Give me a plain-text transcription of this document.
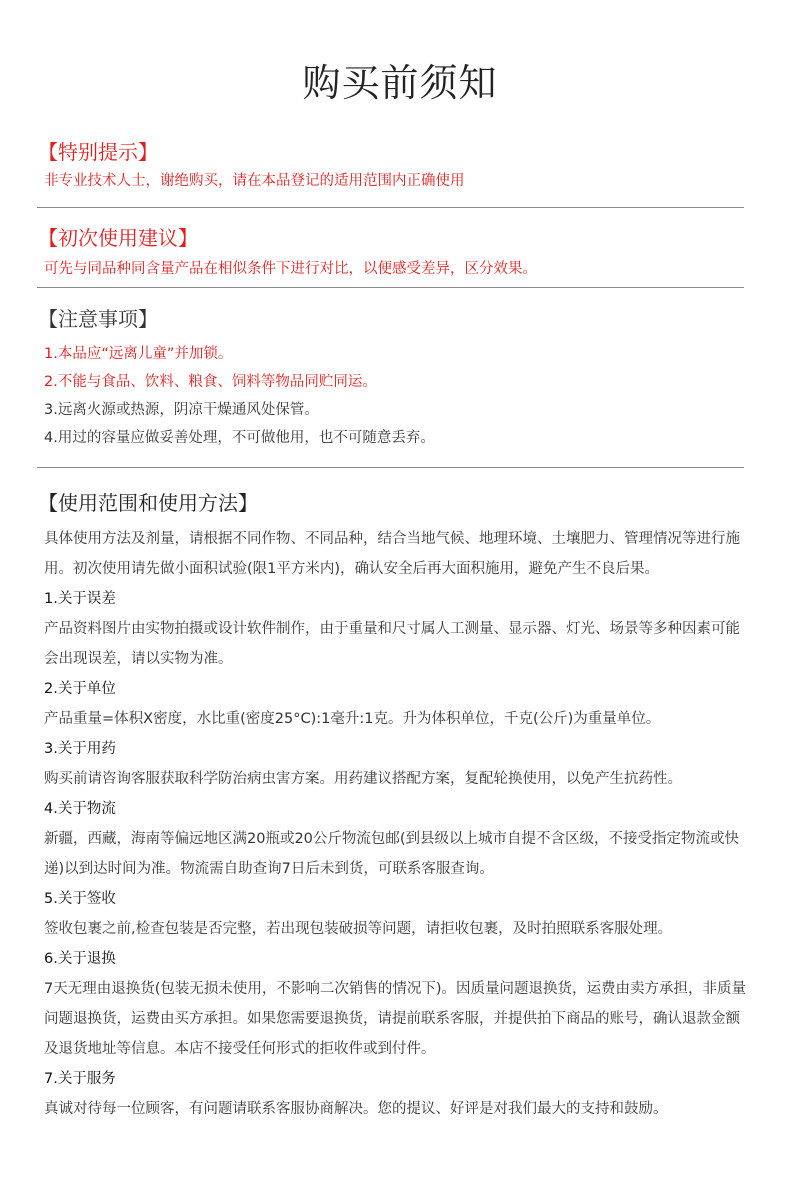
购买前须知
【特别提示】
非专业技术人士，谢绝购买，请在本品登记的适用范围内正确使用
【初次使用建议】
可先与同品种同含量产品在相似条件下进行对比，以便感受差异，区分效果。
【注意事项】
1.本品应“远离儿童”并加锁。
2.不能与食品、饮料、粮食、饲料等物品同贮同运。
3.远离火源或热源，阴凉干燥通风处保管。
4.用过的容量应做妥善处理，不可做他用，也不可随意丢弃。
【使用范围和使用方法】
具体使用方法及剂量，请根据不同作物、不同品种，结合当地气候、地理环境、土壤肥力、管理情况等进行施用。初次使用请先做小面积试验(限1平方米内)，确认安全后再大面积施用，避免产生不良后果。
1.关于误差
产品资料图片由实物拍摄或设计软件制作，由于重量和尺寸属人工测量、显示器、灯光、场景等多种因素可能会出现误差，请以实物为准。
2.关于单位
产品重量=体积X密度，水比重(密度25°C):1毫升:1克。升为体积单位，千克(公斤)为重量单位。
3.关于用药
购买前请咨询客服获取科学防治病虫害方案。用药建议搭配方案，复配轮换使用，以免产生抗药性。
4.关于物流
新疆，西藏，海南等偏远地区满20瓶或20公斤物流包邮(到县级以上城市自提不含区级，不接受指定物流或快递)以到达时间为准。物流需自助查询7日后未到货，可联系客服查询。
5.关于签收
签收包裹之前,检查包装是否完整，若出现包装破损等问题，请拒收包裹，及时拍照联系客服处理。
6.关于退换
7天无理由退换货(包装无损未使用，不影响二次销售的情况下)。因质量问题退换货，运费由卖方承担，非质量问题退换货，运费由买方承担。如果您需要退换货，请提前联系客服，并提供拍下商品的账号，确认退款金额及退货地址等信息。本店不接受任何形式的拒收件或到付件。
7.关于服务
真诚对待每一位顾客，有问题请联系客服协商解决。您的提议、好评是对我们最大的支持和鼓励。
